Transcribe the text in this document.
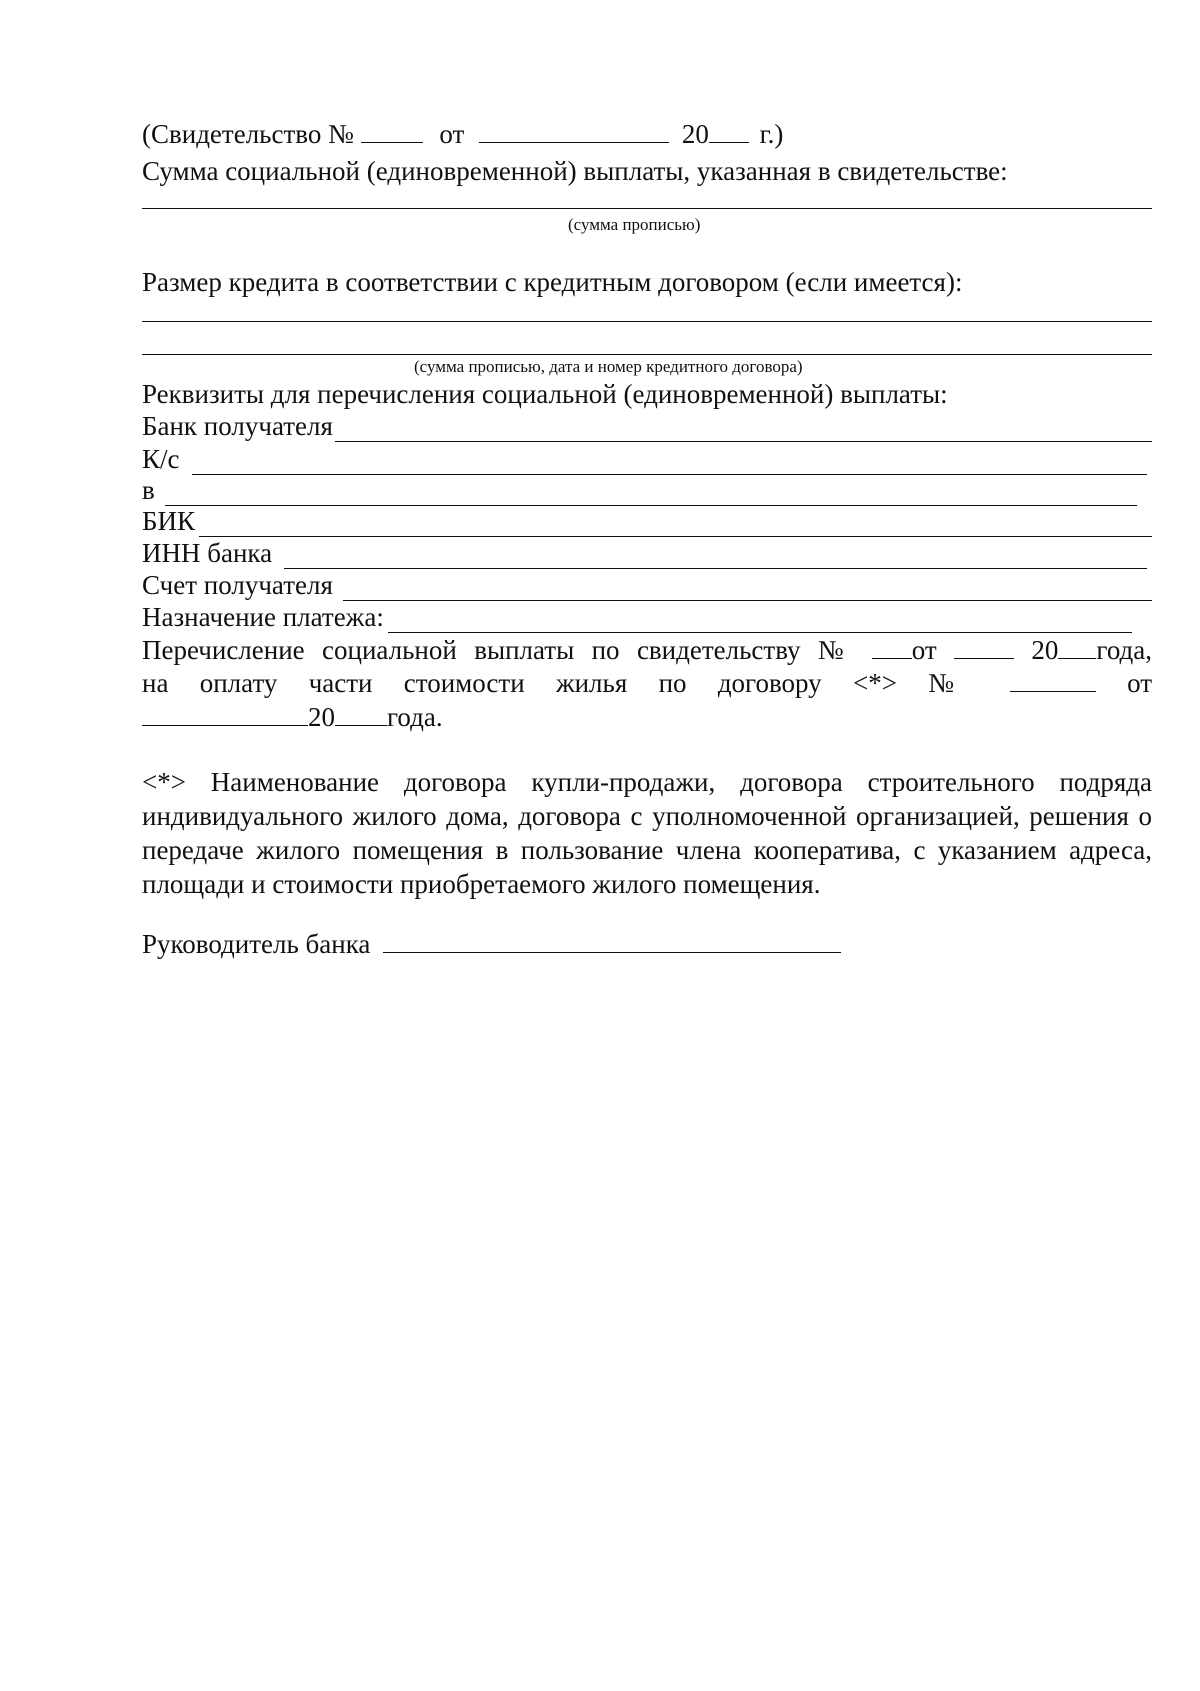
(Свидетельство №	от	20 г.)
Сумма социальной (единовременной) выплаты, указанная в свидетельстве:
(сумма прописью)
Размер кредита в соответствии с кредитным договором (если имеется):
(сумма прописью, дата и номер кредитного договора)
Реквизиты для перечисления социальной (единовременной) выплаты:
Банк получателя
К/с
в
БИК
ИНН банка
Счет получателя
Назначение платежа:
Перечисление социальной выплаты по свидетельству № от	20 года,
на оплату части стоимости жилья по договору <*> №	от
20 года.
<*> Наименование договора купли-продажи, договора строительного подряда индивидуального жилого дома, договора с уполномоченной организацией, решения о передаче жилого помещения в пользование члена кооператива, с указанием адреса, площади и стоимости приобретаемого жилого помещения.
Руководитель банка
